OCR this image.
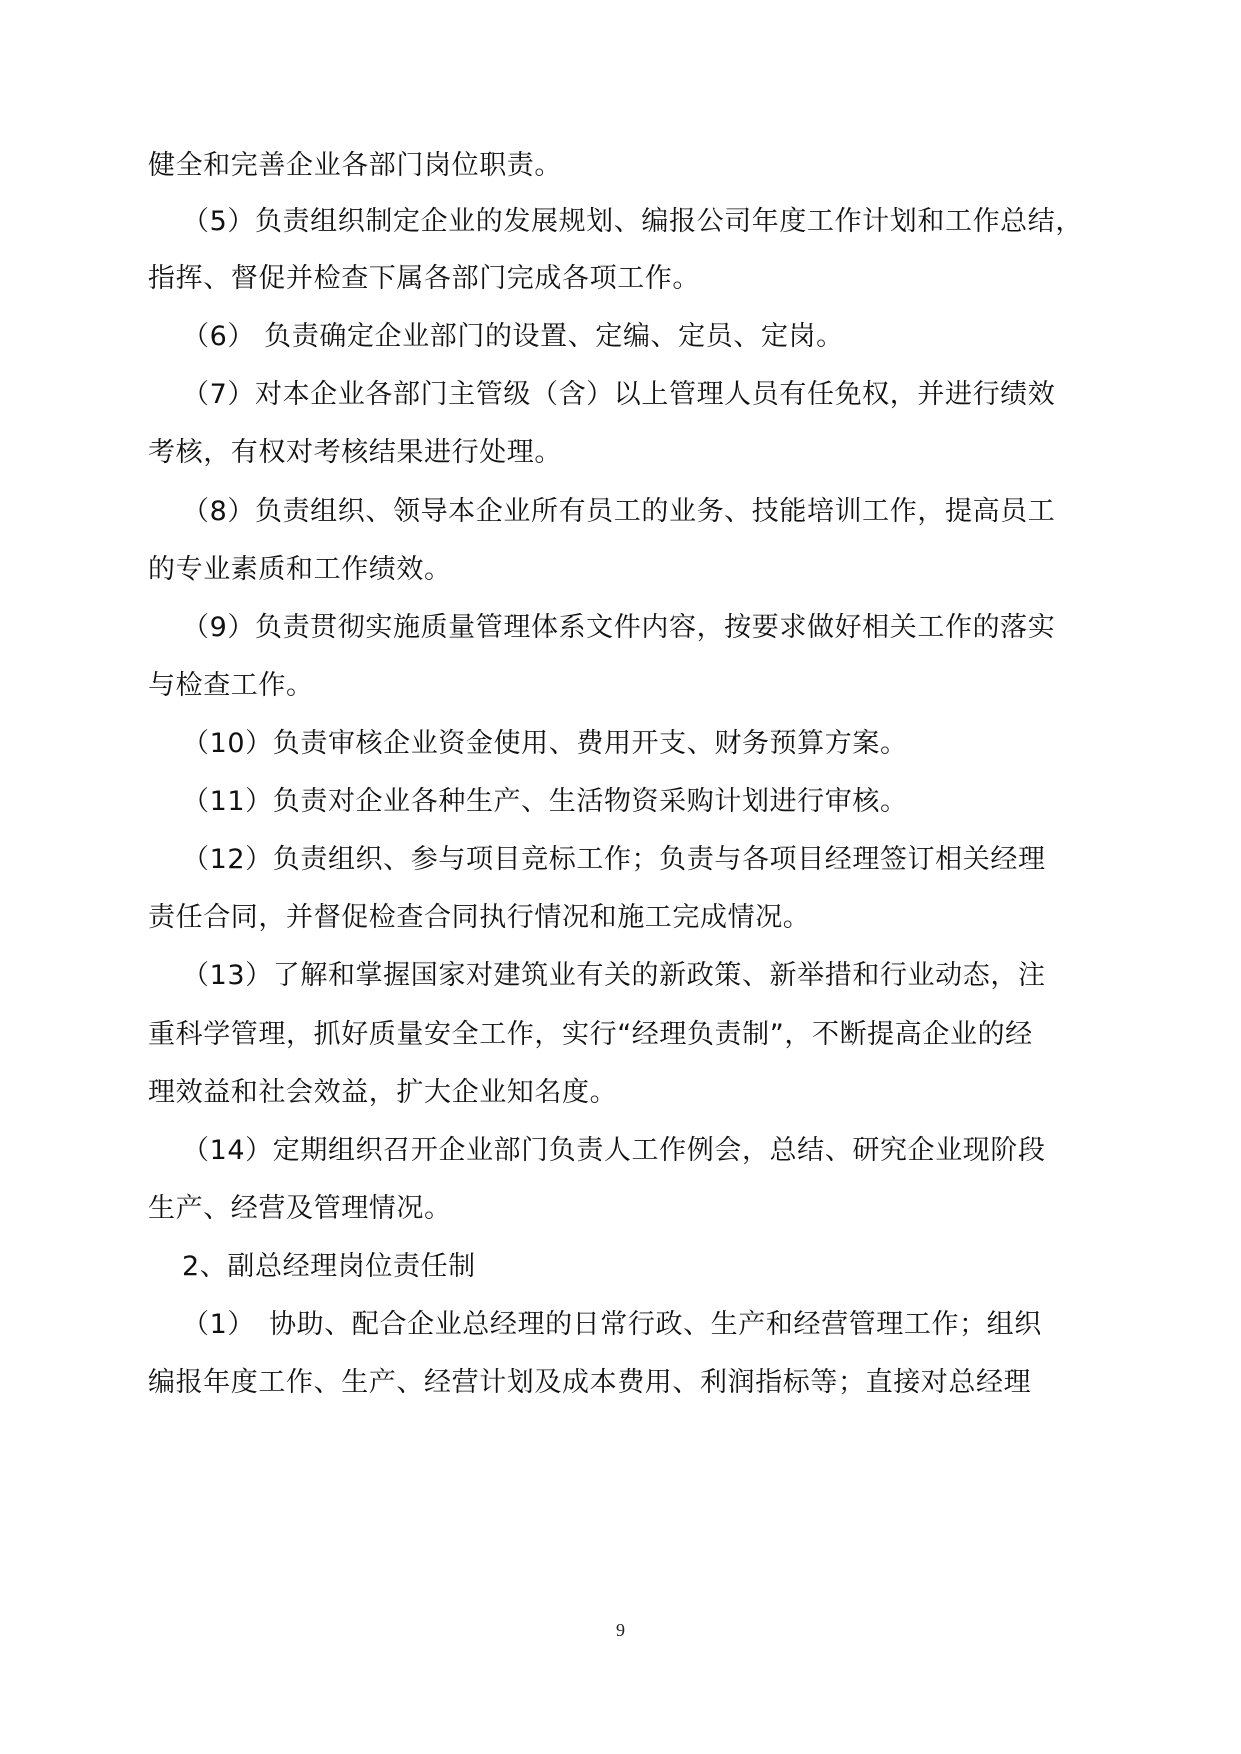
健全和完善企业各部门岗位职责。
（5）负责组织制定企业的发展规划、编报公司年度工作计划和工作总结，
指挥、督促并检查下属各部门完成各项工作。
（6） 负责确定企业部门的设置、定编、定员、定岗。
（7）对本企业各部门主管级（含）以上管理人员有任免权，并进行绩效
考核，有权对考核结果进行处理。
（8）负责组织、领导本企业所有员工的业务、技能培训工作，提高员工
的专业素质和工作绩效。
（9）负责贯彻实施质量管理体系文件内容，按要求做好相关工作的落实
与检查工作。
（10）负责审核企业资金使用、费用开支、财务预算方案。
（11）负责对企业各种生产、生活物资采购计划进行审核。
（12）负责组织、参与项目竞标工作；负责与各项目经理签订相关经理
责任合同，并督促检查合同执行情况和施工完成情况。
（13）了解和掌握国家对建筑业有关的新政策、新举措和行业动态，注
重科学管理，抓好质量安全工作，实行“经理负责制”，不断提高企业的经
理效益和社会效益，扩大企业知名度。
（14）定期组织召开企业部门负责人工作例会，总结、研究企业现阶段
生产、经营及管理情况。
2、副总经理岗位责任制
（1）　协助、配合企业总经理的日常行政、生产和经营管理工作；组织
编报年度工作、生产、经营计划及成本费用、利润指标等；直接对总经理
9
